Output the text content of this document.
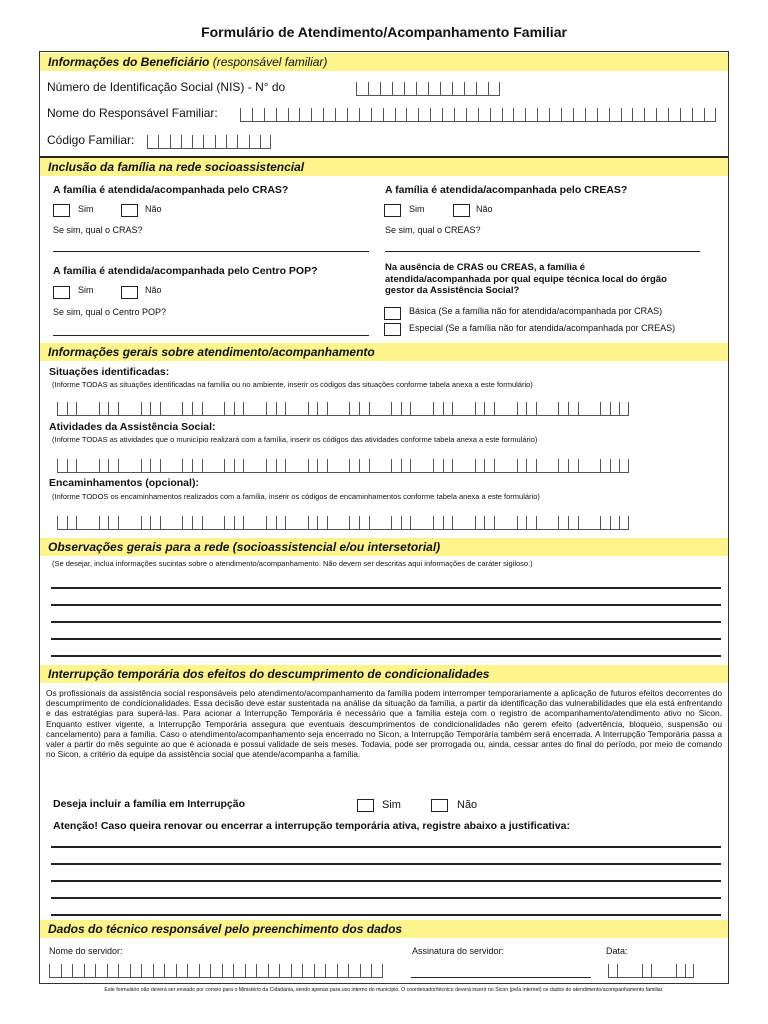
Formulário de Atendimento/Acompanhamento Familiar
Informações do Beneficiário (responsável familiar)
Número de Identificação Social (NIS) - N° do
Nome do Responsável Familiar:
Código Familiar:
Inclusão da família na rede socioassistencial
A família é atendida/acompanhada pelo CRAS?
Sim	Não
Se sim, qual o CRAS?
A família é atendida/acompanhada pelo CREAS?
Sim	Não
Se sim, qual o CREAS?
A família é atendida/acompanhada pelo Centro POP?
Sim	Não
Se sim, qual o Centro POP?
Na ausência de CRAS ou CREAS, a família é atendida/acompanhada por qual equipe técnica local do órgão gestor da Assistência Social?
Básica (Se a família não for atendida/acompanhada por CRAS)
Especial (Se a família não for atendida/acompanhada por CREAS)
Informações gerais sobre atendimento/acompanhamento
Situações identificadas:
(Informe TODAS as situações identificadas na família ou no ambiente, inserir os códigos das situações conforme tabela anexa a este formulário)
Atividades da Assistência Social:
(Informe TODAS as atividades que o município realizará com a família, inserir os códigos das atividades conforme tabela anexa a este formulário)
Encaminhamentos (opcional):
(Informe TODOS os encaminhamentos realizados com a família, inserir os códigos de encaminhamentos conforme tabela anexa a este formulário)
Observações gerais para a rede (socioassistencial e/ou intersetorial)
(Se desejar, inclua informações sucintas sobre o atendimento/acompanhamento. Não devem ser descritas aqui informações de caráter sigiloso.)
Interrupção temporária dos efeitos do descumprimento de condicionalidades
Os profissionais da assistência social responsáveis pelo atendimento/acompanhamento da família podem interromper temporariamente a aplicação de futuros efeitos decorrentes do descumprimento de condicionalidades. Essa decisão deve estar sustentada na análise da situação da família, a partir da identificação das vulnerabilidades que ela está enfrentando e das estratégias para superá-las. Para acionar a Interrupção Temporária é necessário que a família esteja com o registro de acompanhamento/atendimento ativo no Sicon. Enquanto estiver vigente, a Interrupção Temporária assegura que eventuais descumprimentos de condicionalidades não gerem efeito (advertência, bloqueio, suspensão ou cancelamento) para a família. Caso o atendimento/acompanhamento seja encerrado no Sicon, a Interrupção Temporária também será encerrada. A Interrupção Temporária passa a valer a partir do mês seguinte ao que é acionada e possui validade de seis meses. Todavia, pode ser prorrogada ou, ainda, cessar antes do final do período, por meio de comando no Sicon, a critério da equipe da assistência social que atende/acompanha a família.
Deseja incluir a família em Interrupção	Sim	Não
Atenção! Caso queira renovar ou encerrar a interrupção temporária ativa, registre abaixo a justificativa:
Dados do técnico responsável pelo preenchimento dos dados
Nome do servidor:	Assinatura do servidor:	Data:
Este formulário não deverá ser enviado por correio para o Ministério da Cidadania, sendo apenas para uso interno do município. O coordenador/técnico deverá inserir no Sicon (pela internet) os dados do atendimento/acompanhamento familiar.
